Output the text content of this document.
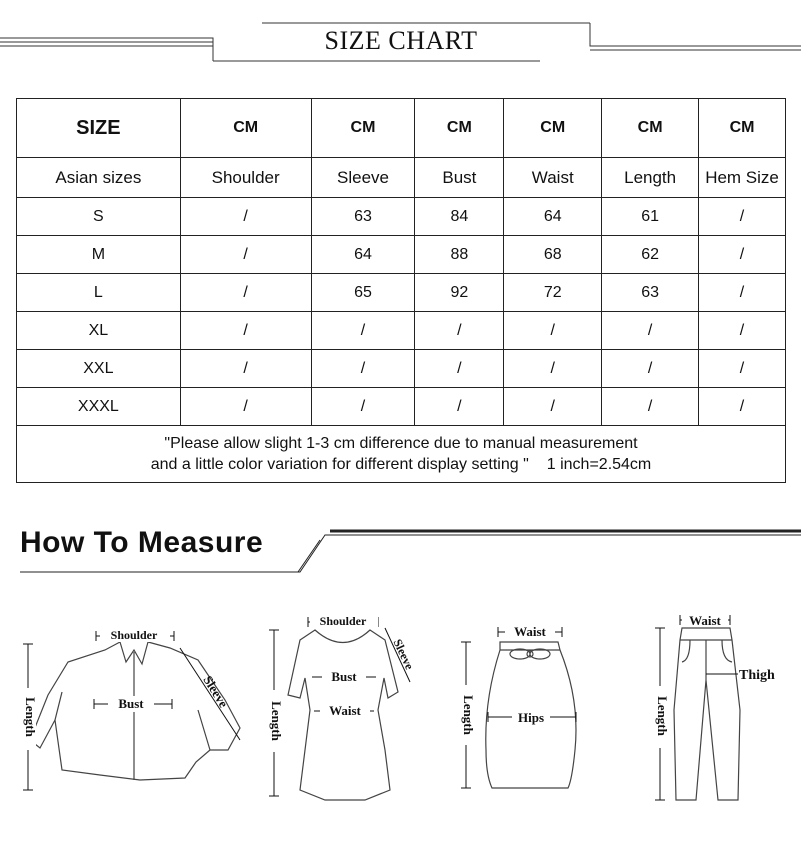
SIZE CHART
SIZE	CM	CM	CM	CM	CM	CM
Asian sizes	Shoulder	Sleeve	Bust	Waist	Length	Hem Size
S	/	63	84	64	61	/
M	/	64	88	68	62	/
L	/	65	92	72	63	/
XL	/	/	/	/	/	/
XXL	/	/	/	/	/	/
XXXL	/	/	/	/	/	/

"Please allow slight 1-3 cm difference due to manual measurement
and a little color variation for different display setting " 1 inch=2.54cm						
How To Measure
Shoulder
Bust
Length
Sleeve
Shoulder
Bust
Waist
Length
Sleeve
Waist
Hips
Length
Waist
Thigh
Length
